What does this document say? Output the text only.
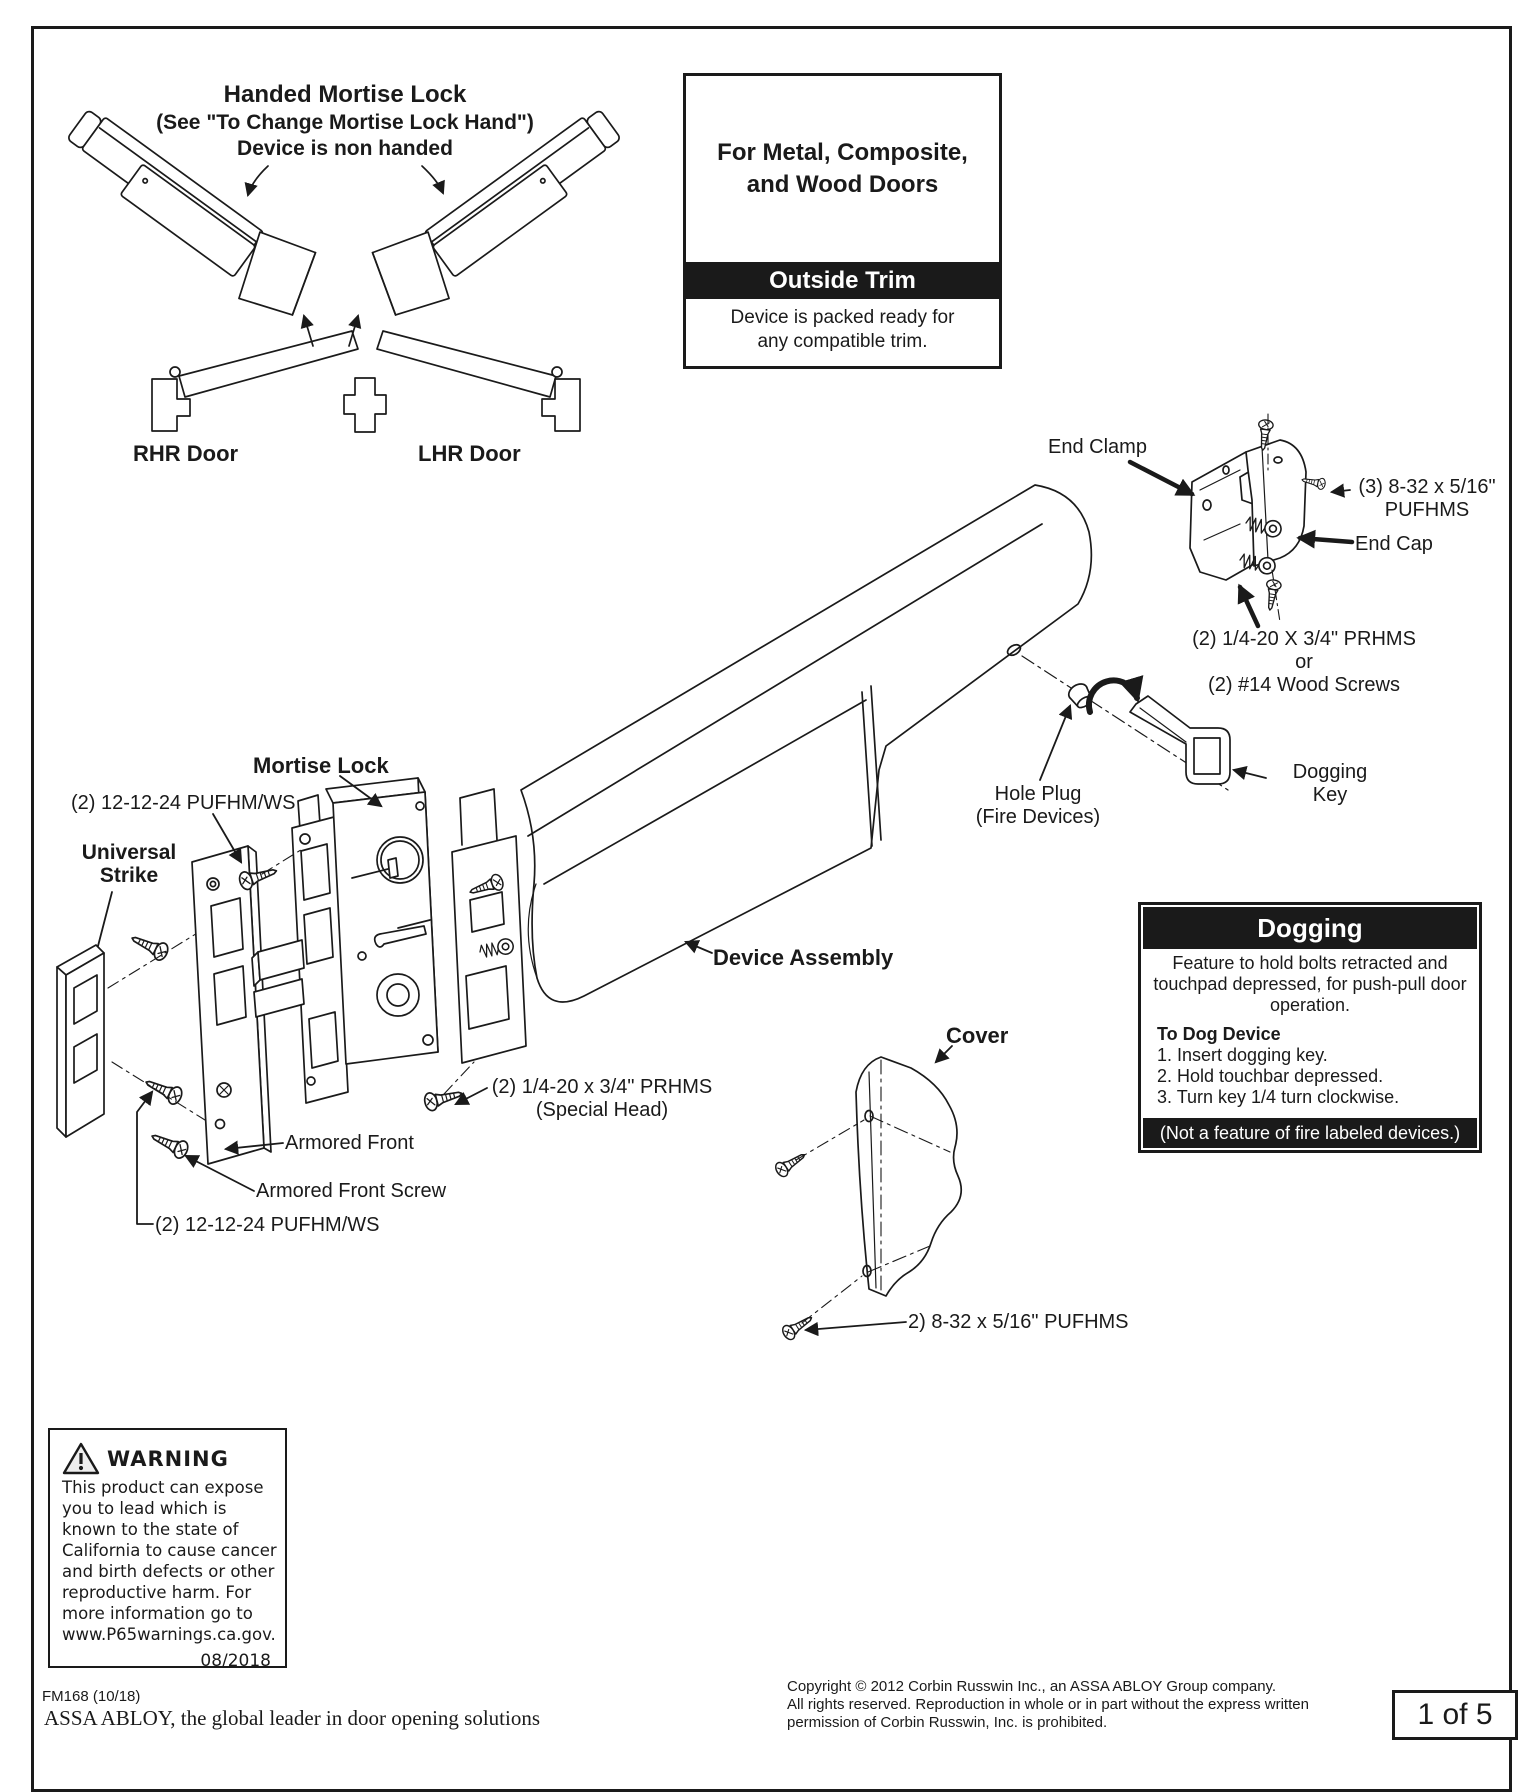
Handed Mortise Lock
(See "To Change Mortise Lock Hand")
Device is non handed
RHR Door	LHR Door
For Metal, Composite,
and Wood Doors
Outside Trim
Device is packed ready for
any compatible trim.
End Clamp
(3) 8-32 x 5/16"
PUFHMS
End Cap
(2) 1/4-20 X 3/4" PRHMS or
(2) #14 Wood Screws
Hole Plug
(Fire Devices)
Dogging
Key
Mortise Lock
(2) 12-12-24 PUFHM/WS
Universal
Strike
Device Assembly
Cover
(2) 1/4-20 x 3/4" PRHMS
(Special Head)
Armored Front
Armored Front Screw
(2) 12-12-24 PUFHM/WS
2) 8-32 x 5/16" PUFHMS
Dogging
Feature to hold bolts retracted and
touchpad depressed, for push-pull door
operation.
To Dog Device
1. Insert dogging key.
2. Hold touchbar depressed.
3. Turn key 1/4 turn clockwise.
(Not a feature of fire labeled devices.)
WARNING
This product can expose you to lead which is known to the state of California to cause cancer and birth defects or other reproductive harm. For more information go to www.P65warnings.ca.gov.
08/2018
FM168 (10/18)
ASSA ABLOY, the global leader in door opening solutions
Copyright © 2012 Corbin Russwin Inc., an ASSA ABLOY Group company.
All rights reserved. Reproduction in whole or in part without the express written
permission of Corbin Russwin, Inc. is prohibited.	1 of 5
